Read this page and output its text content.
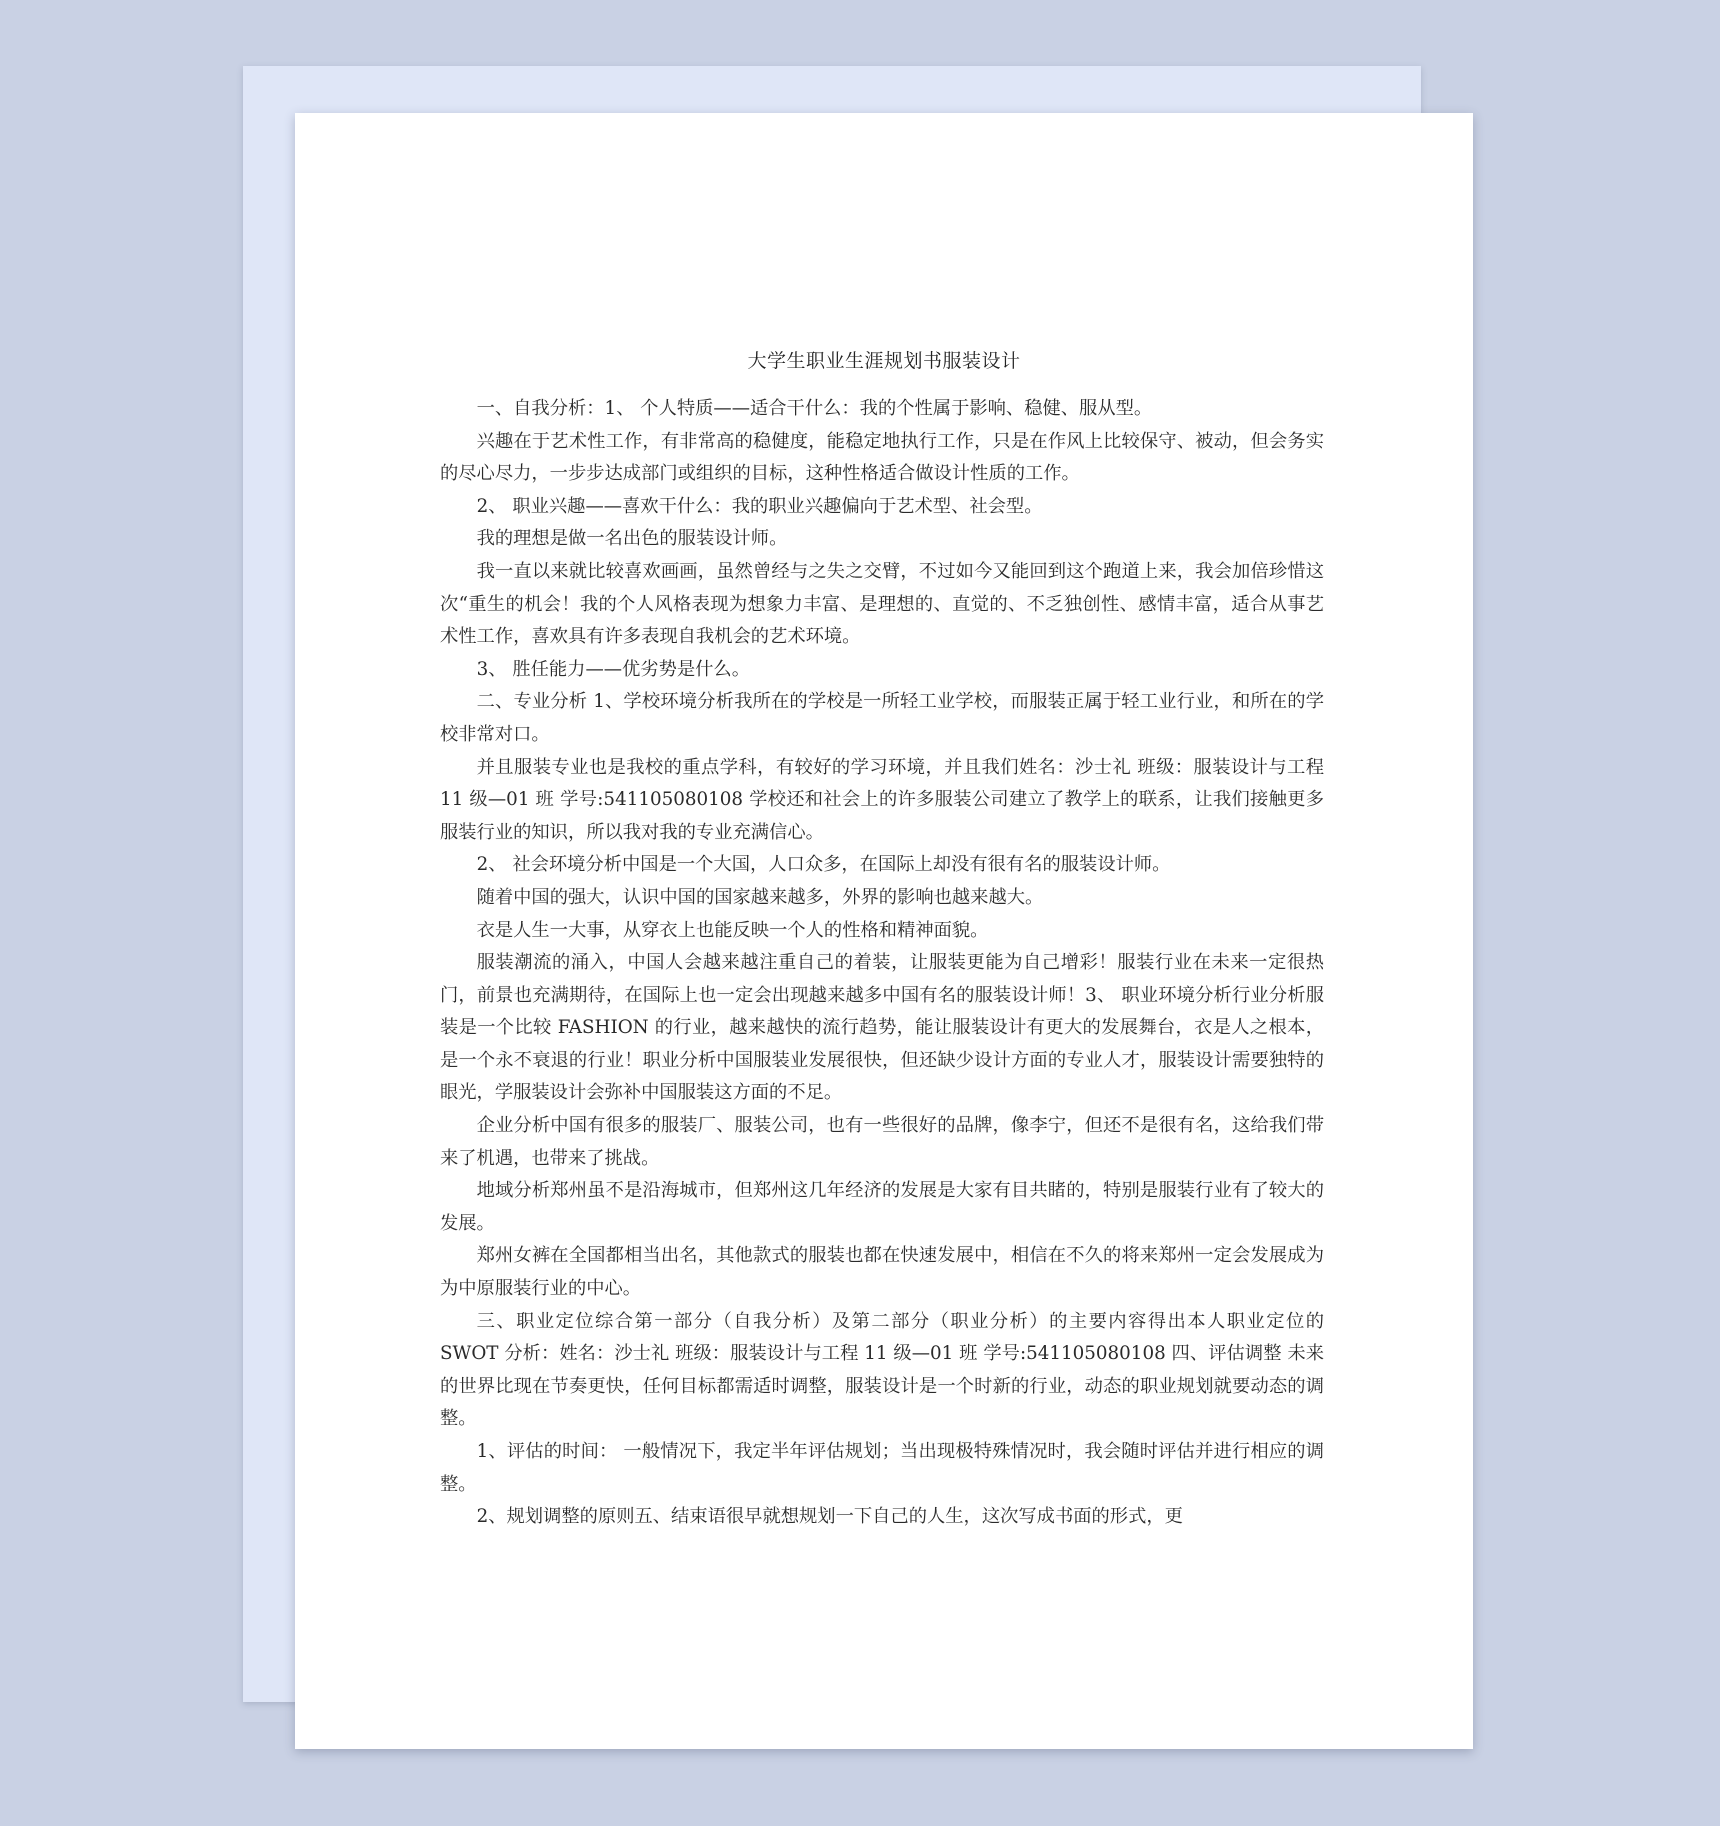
大学生职业生涯规划书服装设计

一、自我分析：1、 个人特质——适合干什么：我的个性属于影响、稳健、服从型。

兴趣在于艺术性工作，有非常高的稳健度，能稳定地执行工作，只是在作风上比较保守、被动，但会务实的尽心尽力，一步步达成部门或组织的目标，这种性格适合做设计性质的工作。

2、 职业兴趣——喜欢干什么：我的职业兴趣偏向于艺术型、社会型。

我的理想是做一名出色的服装设计师。

我一直以来就比较喜欢画画，虽然曾经与之失之交臂，不过如今又能回到这个跑道上来，我会加倍珍惜这次“重生的机会！我的个人风格表现为想象力丰富、是理想的、直觉的、不乏独创性、感情丰富，适合从事艺术性工作，喜欢具有许多表现自我机会的艺术环境。

3、 胜任能力——优劣势是什么。

二、专业分析 1、学校环境分析我所在的学校是一所轻工业学校，而服装正属于轻工业行业，和所在的学校非常对口。

并且服装专业也是我校的重点学科，有较好的学习环境，并且我们姓名：沙士礼 班级：服装设计与工程 11 级—01 班 学号:541105080108 学校还和社会上的许多服装公司建立了教学上的联系，让我们接触更多服装行业的知识，所以我对我的专业充满信心。

2、 社会环境分析中国是一个大国，人口众多，在国际上却没有很有名的服装设计师。

随着中国的强大，认识中国的国家越来越多，外界的影响也越来越大。

衣是人生一大事，从穿衣上也能反映一个人的性格和精神面貌。

服装潮流的涌入，中国人会越来越注重自己的着装，让服装更能为自己增彩！服装行业在未来一定很热门，前景也充满期待，在国际上也一定会出现越来越多中国有名的服装设计师！3、 职业环境分析行业分析服装是一个比较 FASHION 的行业，越来越快的流行趋势，能让服装设计有更大的发展舞台，衣是人之根本，是一个永不衰退的行业！职业分析中国服装业发展很快，但还缺少设计方面的专业人才，服装设计需要独特的眼光，学服装设计会弥补中国服装这方面的不足。

企业分析中国有很多的服装厂、服装公司，也有一些很好的品牌，像李宁，但还不是很有名，这给我们带来了机遇，也带来了挑战。

地域分析郑州虽不是沿海城市，但郑州这几年经济的发展是大家有目共睹的，特别是服装行业有了较大的发展。

郑州女裤在全国都相当出名，其他款式的服装也都在快速发展中，相信在不久的将来郑州一定会发展成为为中原服装行业的中心。

三、职业定位综合第一部分（自我分析）及第二部分（职业分析）的主要内容得出本人职业定位的 SWOT 分析：姓名：沙士礼 班级：服装设计与工程 11 级—01 班 学号:541105080108 四、评估调整 未来的世界比现在节奏更快，任何目标都需适时调整，服装设计是一个时新的行业，动态的职业规划就要动态的调整。

1、评估的时间： 一般情况下，我定半年评估规划；当出现极特殊情况时，我会随时评估并进行相应的调整。

2、规划调整的原则五、结束语很早就想规划一下自己的人生，这次写成书面的形式，更
